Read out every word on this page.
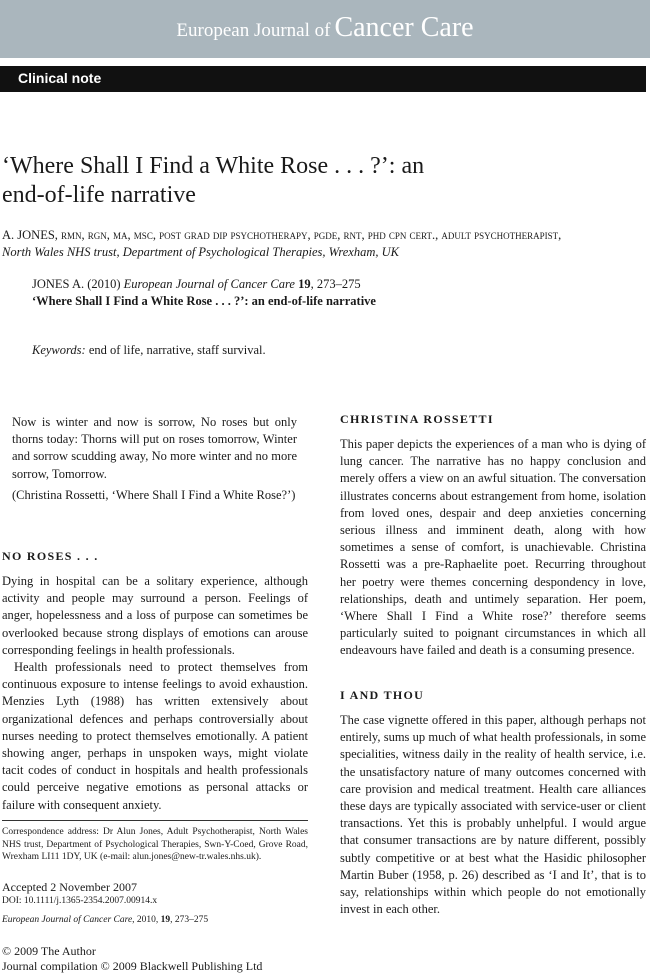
European Journal of Cancer Care
Clinical note
‘Where Shall I Find a White Rose . . . ?’: an
end-of-life narrative
A. JONES, rmn, rgn, ma, msc, post grad dip psychotherapy, pgde, rnt, phd cpn cert., adult psychotherapist,
North Wales NHS trust, Department of Psychological Therapies, Wrexham, UK
JONES A. (2010) European Journal of Cancer Care 19, 273–275
‘Where Shall I Find a White Rose . . . ?’: an end-of-life narrative
Keywords: end of life, narrative, staff survival.

Now is winter and now is sorrow, No roses but only thorns today: Thorns will put on roses tomorrow, Winter and sorrow scudding away, No more winter and no more sorrow, Tomorrow.

(Christina Rossetti, ‘Where Shall I Find a White Rose?’)

NO ROSES . . .

Dying in hospital can be a solitary experience, although activity and people may surround a person. Feelings of anger, hopelessness and a loss of purpose can sometimes be overlooked because strong displays of emotions can arouse corresponding feelings in health professionals.

Health professionals need to protect themselves from continuous exposure to intense feelings to avoid exhaustion. Menzies Lyth (1988) has written extensively about organizational defences and perhaps controversially about nurses needing to protect themselves emotionally. A patient showing anger, perhaps in unspoken ways, might violate tacit codes of conduct in hospitals and health professionals could perceive negative emotions as personal attacks or failure with consequent anxiety.

Correspondence address: Dr Alun Jones, Adult Psychotherapist, North Wales NHS trust, Department of Psychological Therapies, Swn-Y-Coed, Grove Road, Wrexham LI11 1DY, UK (e-mail: alun.jones@new-tr.wales.nhs.uk).
Accepted 2 November 2007
DOI: 10.1111/j.1365-2354.2007.00914.x
European Journal of Cancer Care, 2010, 19, 273–275
© 2009 The Author
Journal compilation © 2009 Blackwell Publishing Ltd
CHRISTINA ROSSETTI

This paper depicts the experiences of a man who is dying of lung cancer. The narrative has no happy conclusion and merely offers a view on an awful situation. The conversation illustrates concerns about estrangement from home, isolation from loved ones, despair and deep anxieties concerning serious illness and imminent death, along with how sometimes a sense of comfort, is unachievable. Christina Rossetti was a pre-Raphaelite poet. Recurring throughout her poetry were themes concerning despondency in love, relationships, death and untimely separation. Her poem, ‘Where Shall I Find a White rose?’ therefore seems particularly suited to poignant circumstances in which all endeavours have failed and death is a consuming presence.

I AND THOU

The case vignette offered in this paper, although perhaps not entirely, sums up much of what health professionals, in some specialities, witness daily in the reality of health service, i.e. the unsatisfactory nature of many outcomes concerned with care provision and medical treatment. Health care alliances these days are typically associated with service-user or client transactions. Yet this is probably unhelpful. I would argue that consumer transactions are by nature different, possibly subtly competitive or at best what the Hasidic philosopher Martin Buber (1958, p. 26) described as ‘I and It’, that is to say, relationships within which people do not emotionally invest in each other.
